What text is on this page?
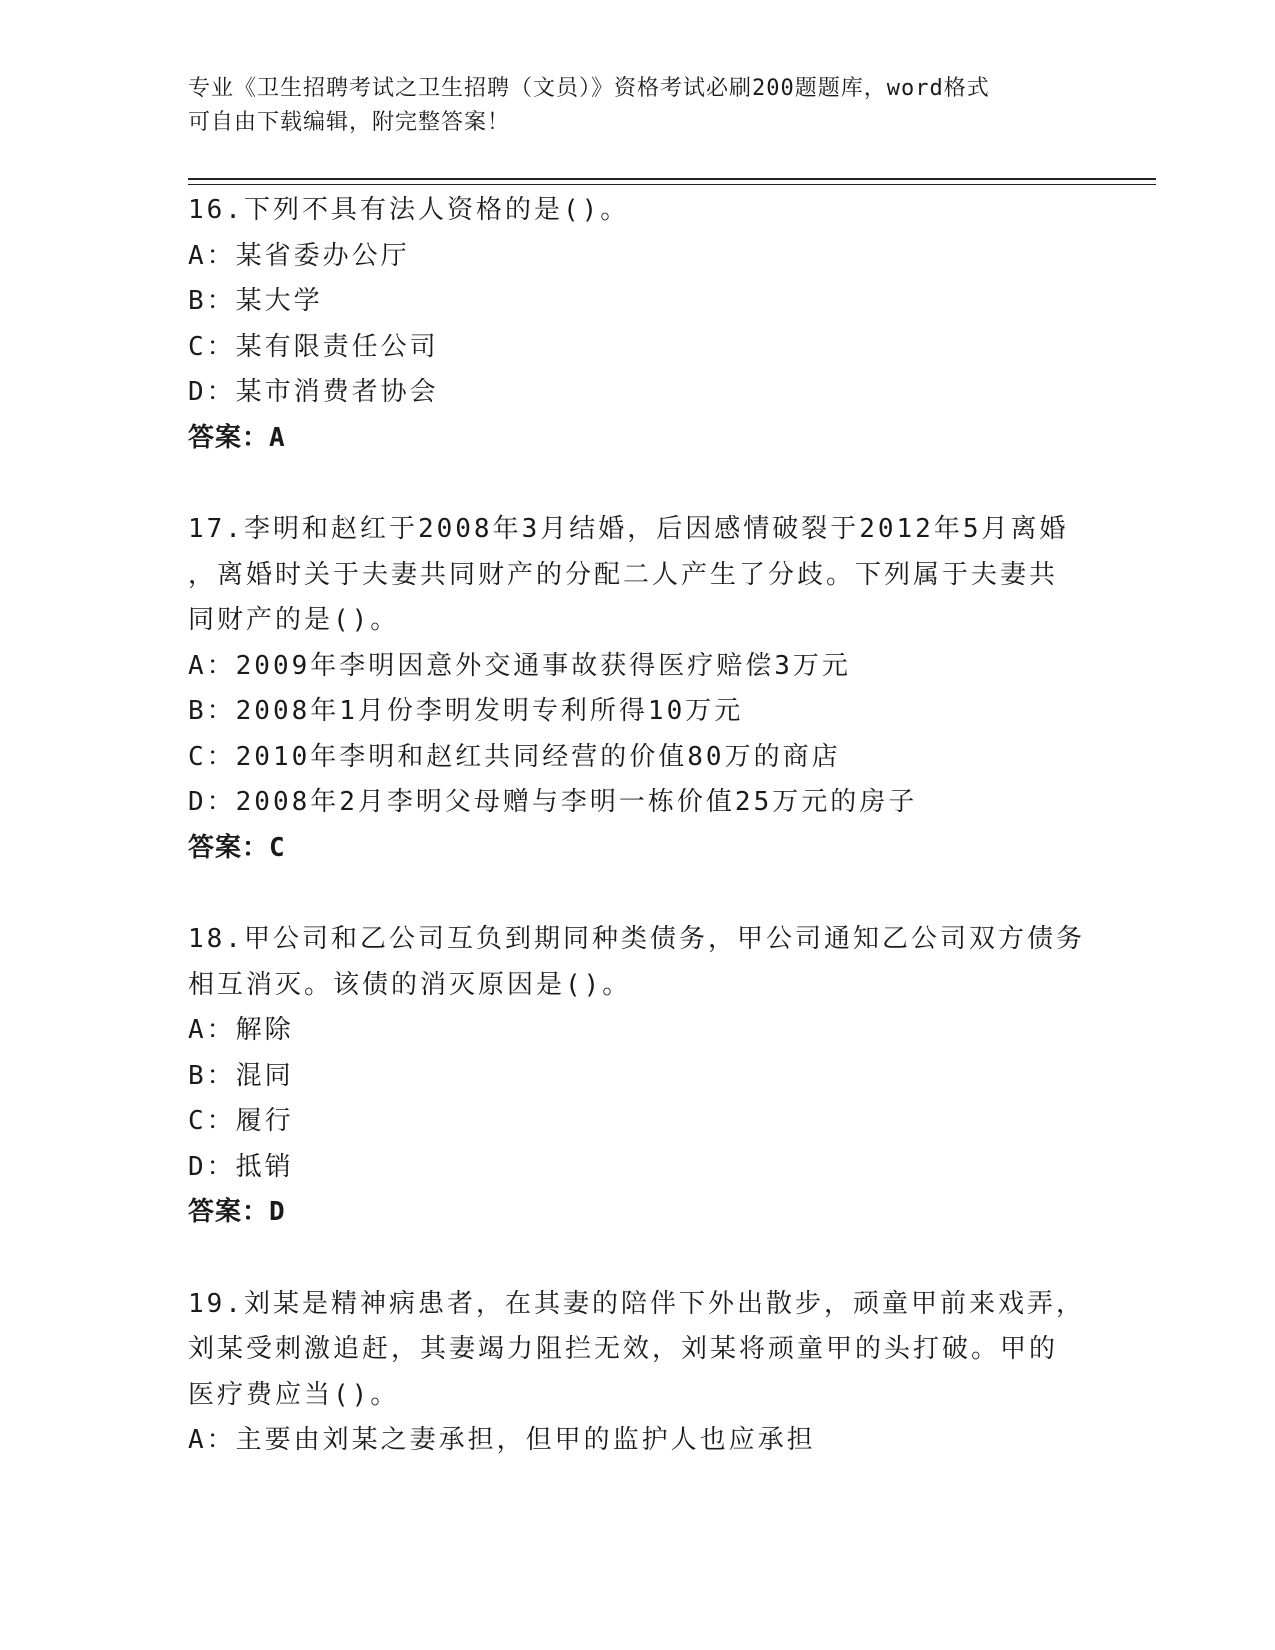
专业《卫生招聘考试之卫生招聘（文员）》资格考试必刷200题题库，word格式
可自由下载编辑，附完整答案！
16.下列不具有法人资格的是()。
A：某省委办公厅
B：某大学
C：某有限责任公司
D：某市消费者协会
答案：A
17.李明和赵红于2008年3月结婚，后因感情破裂于2012年5月离婚
，离婚时关于夫妻共同财产的分配二人产生了分歧。下列属于夫妻共
同财产的是()。
A：2009年李明因意外交通事故获得医疗赔偿3万元
B：2008年1月份李明发明专利所得10万元
C：2010年李明和赵红共同经营的价值80万的商店
D：2008年2月李明父母赠与李明一栋价值25万元的房子
答案：C
18.甲公司和乙公司互负到期同种类债务，甲公司通知乙公司双方债务
相互消灭。该债的消灭原因是()。
A：解除
B：混同
C：履行
D：抵销
答案：D
19.刘某是精神病患者，在其妻的陪伴下外出散步，顽童甲前来戏弄，
刘某受刺激追赶，其妻竭力阻拦无效，刘某将顽童甲的头打破。甲的
医疗费应当()。
A：主要由刘某之妻承担，但甲的监护人也应承担
